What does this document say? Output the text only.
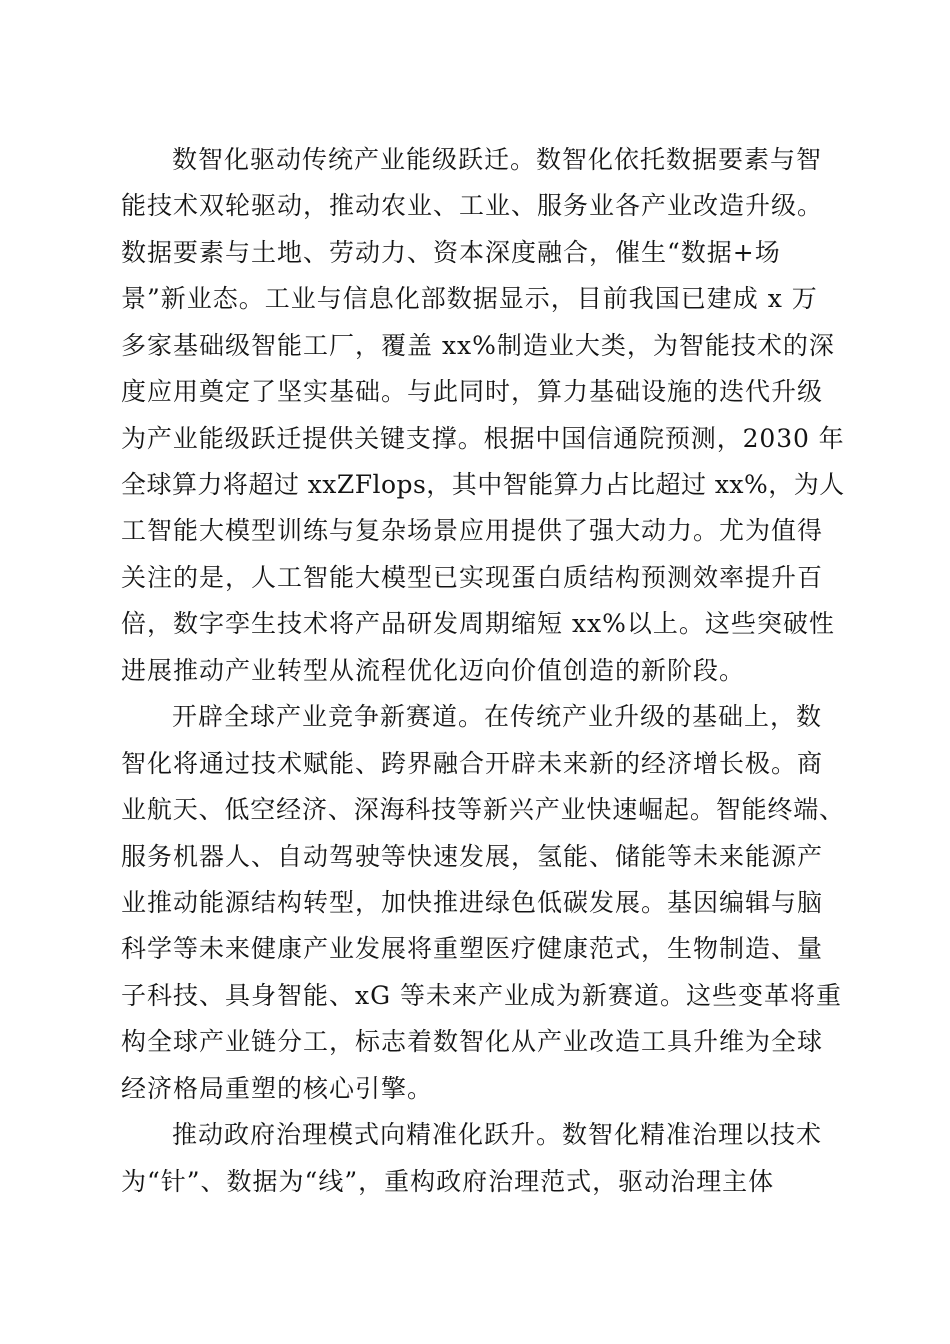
数智化驱动传统产业能级跃迁。数智化依托数据要素与智
能技术双轮驱动，推动农业、工业、服务业各产业改造升级。
数据要素与土地、劳动力、资本深度融合，催生“数据+场
景”新业态。工业与信息化部数据显示，目前我国已建成 x 万
多家基础级智能工厂，覆盖 xx%制造业大类，为智能技术的深
度应用奠定了坚实基础。与此同时，算力基础设施的迭代升级
为产业能级跃迁提供关键支撑。根据中国信通院预测，2030 年
全球算力将超过 xxZFlops，其中智能算力占比超过 xx%，为人
工智能大模型训练与复杂场景应用提供了强大动力。尤为值得
关注的是，人工智能大模型已实现蛋白质结构预测效率提升百
倍，数字孪生技术将产品研发周期缩短 xx%以上。这些突破性
进展推动产业转型从流程优化迈向价值创造的新阶段。
开辟全球产业竞争新赛道。在传统产业升级的基础上，数
智化将通过技术赋能、跨界融合开辟未来新的经济增长极。商
业航天、低空经济、深海科技等新兴产业快速崛起。智能终端、
服务机器人、自动驾驶等快速发展，氢能、储能等未来能源产
业推动能源结构转型，加快推进绿色低碳发展。基因编辑与脑
科学等未来健康产业发展将重塑医疗健康范式，生物制造、量
子科技、具身智能、xG 等未来产业成为新赛道。这些变革将重
构全球产业链分工，标志着数智化从产业改造工具升维为全球
经济格局重塑的核心引擎。
推动政府治理模式向精准化跃升。数智化精准治理以技术
为“针”、数据为“线”，重构政府治理范式，驱动治理主体
